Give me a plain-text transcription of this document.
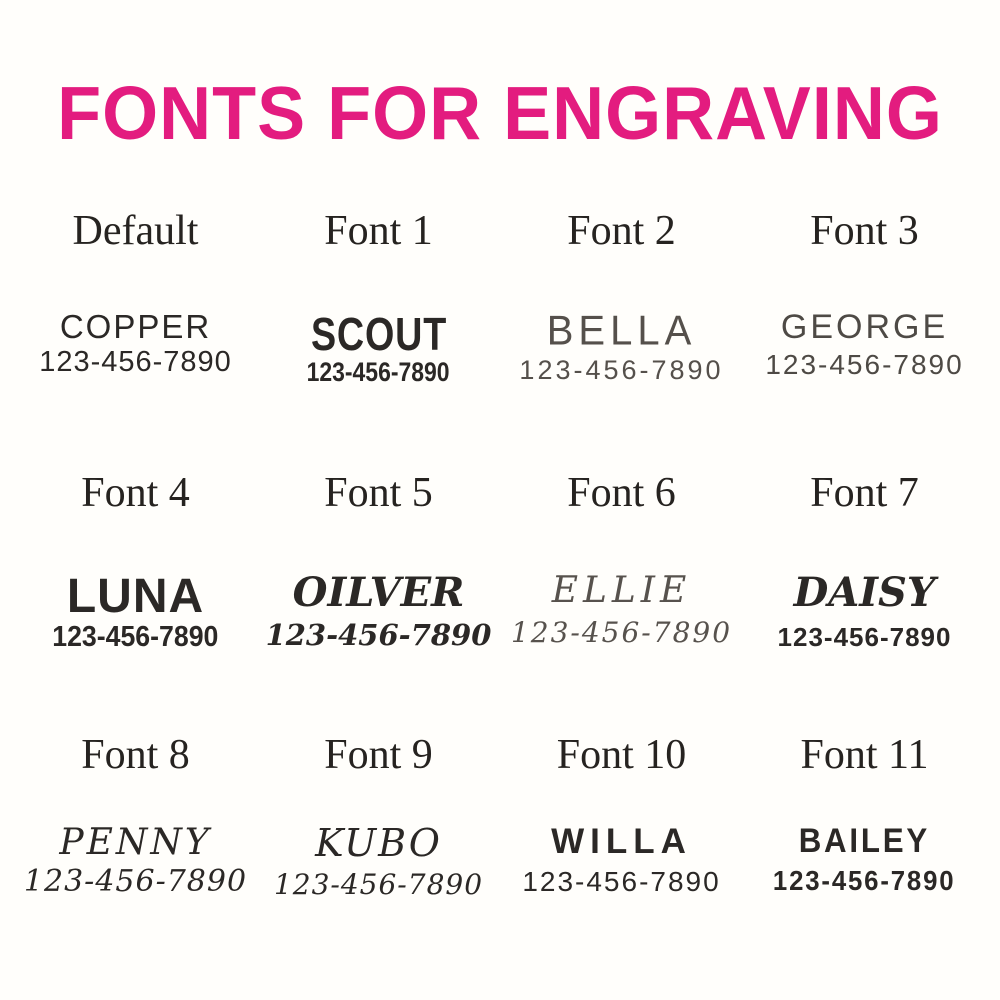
FONTS FOR ENGRAVING
Default
COPPER
123-456-7890
Font 1
SCOUT 123-456-7890
Font 2
BELLA
123-456-7890
Font 3
GEORGE
123-456-7890
Font 4
LUNA
123-456-7890
Font 5
OILVER
123-456-7890
Font 6
ELLIE
123-456-7890
Font 7
DAISY
123-456-7890
Font 8
PENNY
123-456-7890
Font 9
KUBO
123-456-7890
Font 10
WILLA
123-456-7890
Font 11
BAILEY 123-456-7890
